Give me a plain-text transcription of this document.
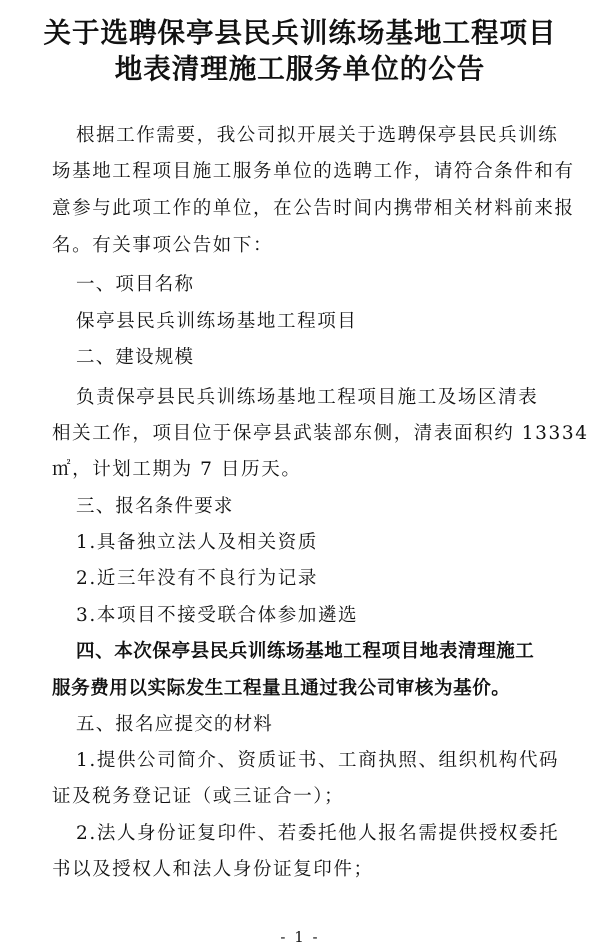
关于选聘保亭县民兵训练场基地工程项目
地表清理施工服务单位的公告
根据工作需要，我公司拟开展关于选聘保亭县民兵训练
场基地工程项目施工服务单位的选聘工作，请符合条件和有
意参与此项工作的单位，在公告时间内携带相关材料前来报
名。有关事项公告如下：
一、项目名称
保亭县民兵训练场基地工程项目
二、建设规模
负责保亭县民兵训练场基地工程项目施工及场区清表
相关工作，项目位于保亭县武装部东侧，清表面积约 13334
㎡，计划工期为 7 日历天。
三、报名条件要求
1.具备独立法人及相关资质
2.近三年没有不良行为记录
3.本项目不接受联合体参加遴选
四、本次保亭县民兵训练场基地工程项目地表清理施工
服务费用以实际发生工程量且通过我公司审核为基价。
五、报名应提交的材料
1.提供公司简介、资质证书、工商执照、组织机构代码
证及税务登记证（或三证合一）；
2.法人身份证复印件、若委托他人报名需提供授权委托
书以及授权人和法人身份证复印件；
- 1 -
